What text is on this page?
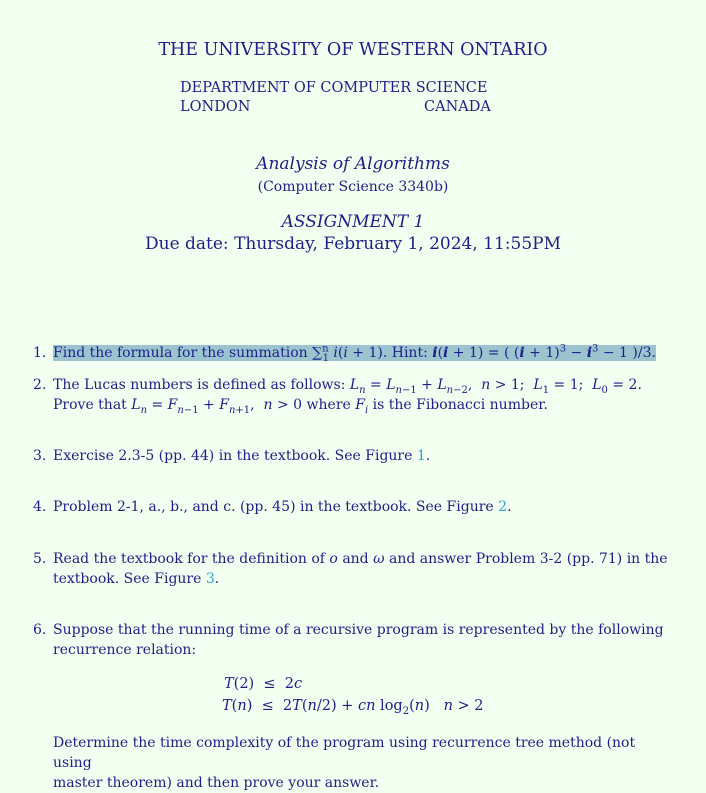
THE UNIVERSITY OF WESTERN ONTARIO
DEPARTMENT OF COMPUTER SCIENCE
LONDON	CANADA
Analysis of Algorithms
(Computer Science 3340b)
ASSIGNMENT 1
Due date: Thursday, February 1, 2024, 11:55PM
1. Find the formula for the summation ∑$^n_1$ i(i + 1). Hint: i(i + 1) = ( $(i + 1)^3 - i^3 - 1$ )/3.
2. The Lucas numbers is defined as follows: $L_n = L_{n-1} + L_{n-2}$,  n > 1;  $L_1 = 1$;  $L_0 = 2$.
Prove that $L_n = F_{n-1} + F_{n+1}$,  n > 0 where $F_i$ is the Fibonacci number.
3. Exercise 2.3-5 (pp. 44) in the textbook. See Figure 1.
4. Problem 2-1, a., b., and c. (pp. 45) in the textbook. See Figure 2.
5. Read the textbook for the definition of o and ω and answer Problem 3-2 (pp. 71) in the
textbook. See Figure 3.
6. Suppose that the running time of a recursive program is represented by the following
recurrence relation:
T(2)  ≤  2c
T(n)  ≤  2T(n/2) + cn $\log_2(n) n > 2$
Determine the time complexity of the program using recurrence tree method (not using
master theorem) and then prove your answer.
